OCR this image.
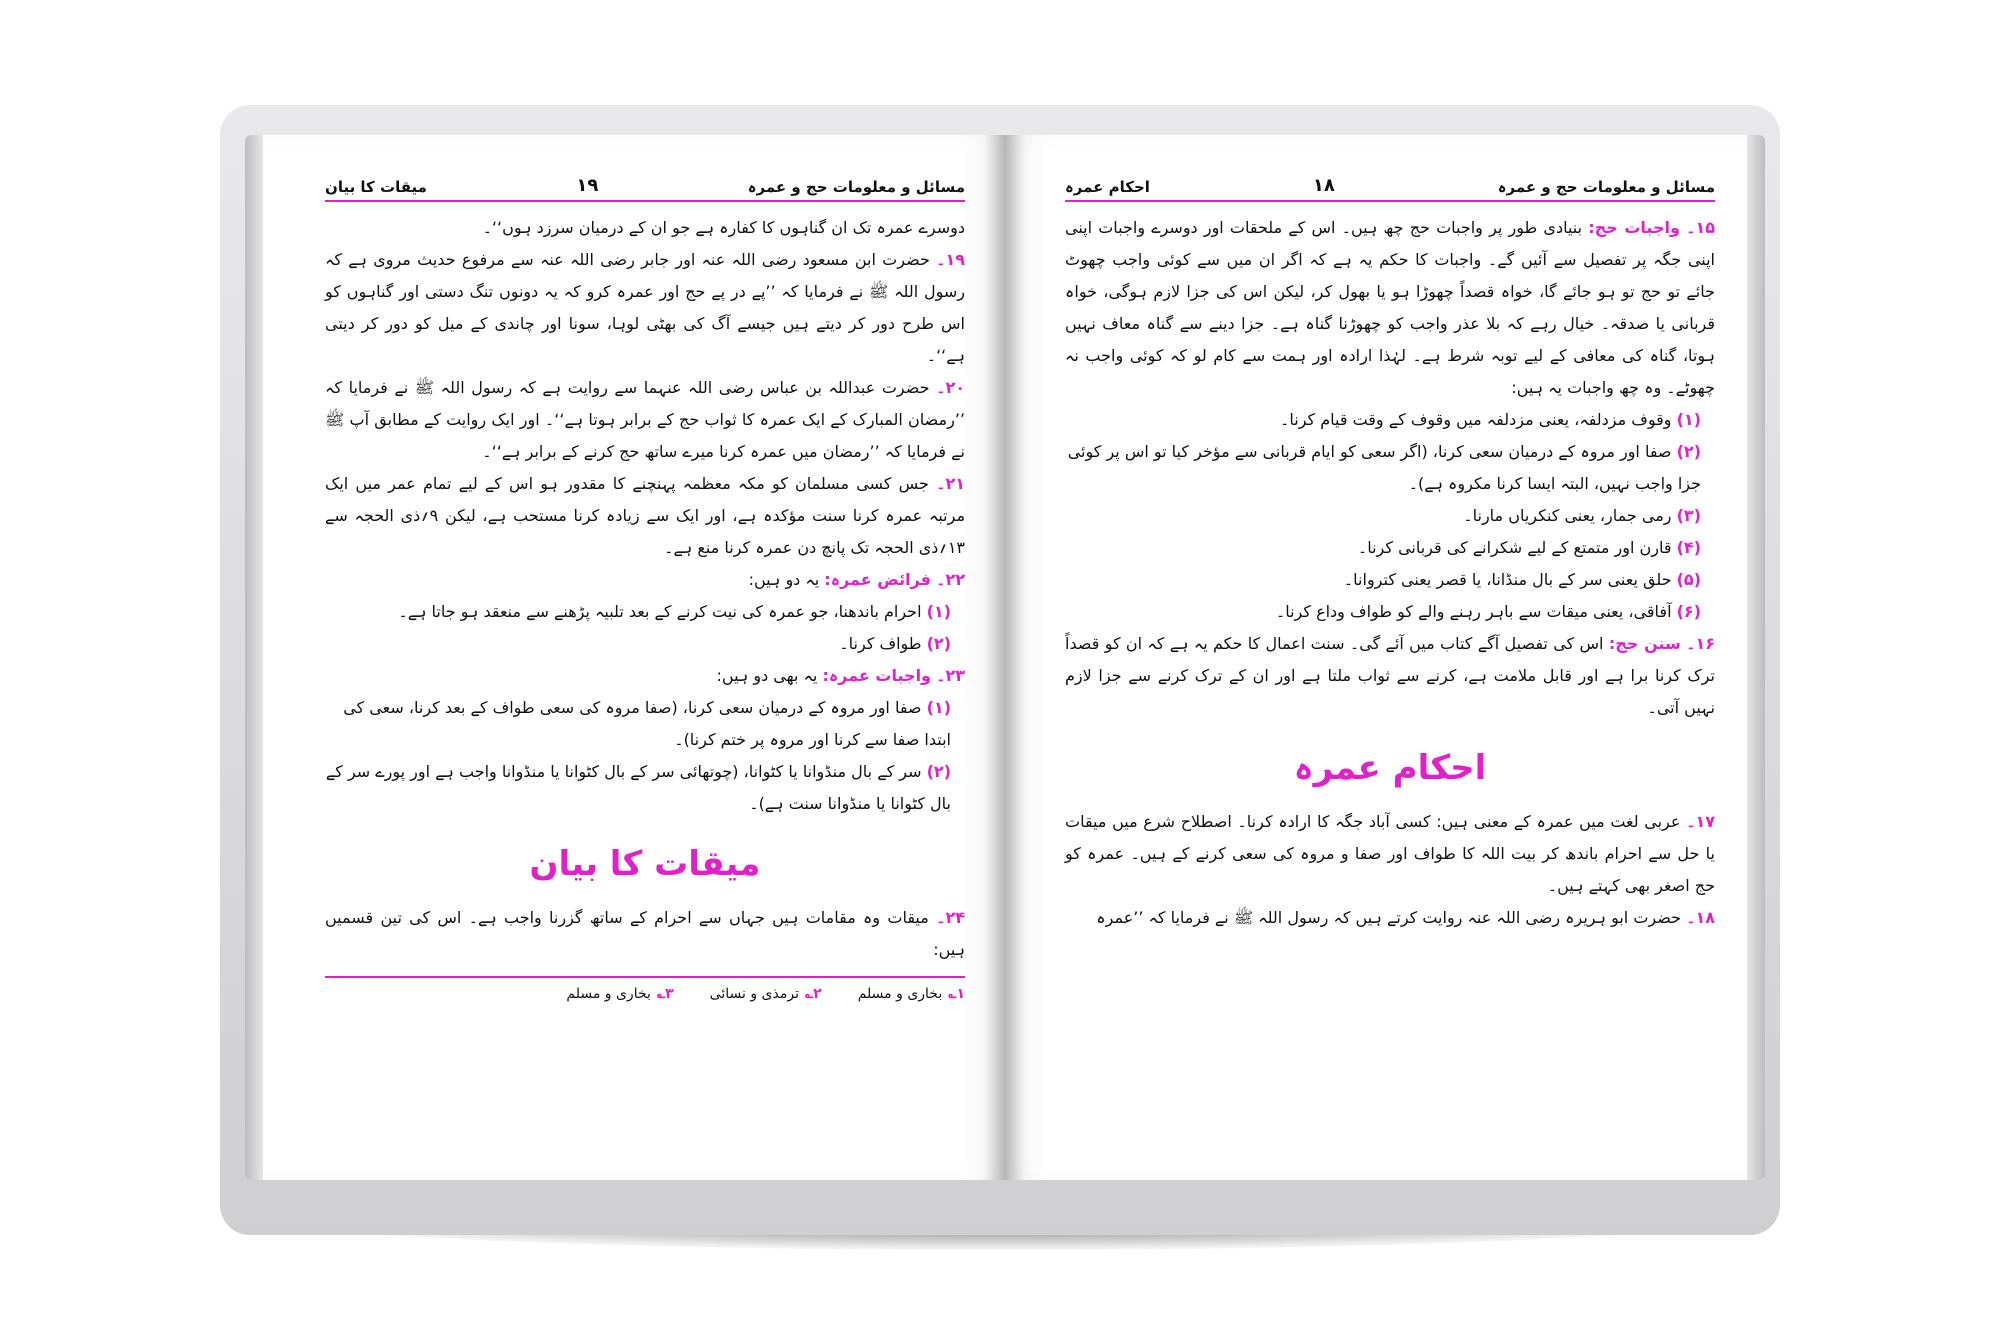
مسائل و معلومات حج و عمرہ
۱۹
میقات کا بیان

دوسرے عمرہ تک ان گناہوں کا کفارہ ہے جو ان کے درمیان سرزد ہوں‘‘۔

۱۹۔ حضرت ابن مسعود رضی اللہ عنہ اور جابر رضی اللہ عنہ سے مرفوع حدیث مروی ہے کہ رسول اللہ ﷺ نے فرمایا کہ ’’پے در پے حج اور عمرہ کرو کہ یہ دونوں تنگ دستی اور گناہوں کو اس طرح دور کر دیتے ہیں جیسے آگ کی بھٹی لوہا، سونا اور چاندی کے میل کو دور کر دیتی ہے‘‘۔

۲۰۔ حضرت عبداللہ بن عباس رضی اللہ عنہما سے روایت ہے کہ رسول اللہ ﷺ نے فرمایا کہ ’’رمضان المبارک کے ایک عمرہ کا ثواب حج کے برابر ہوتا ہے‘‘۔ اور ایک روایت کے مطابق آپ ﷺ نے فرمایا کہ ’’رمضان میں عمرہ کرنا میرے ساتھ حج کرنے کے برابر ہے‘‘۔

۲۱۔ جس کسی مسلمان کو مکہ معظمہ پہنچنے کا مقدور ہو اس کے لیے تمام عمر میں ایک مرتبہ عمرہ کرنا سنت مؤکدہ ہے، اور ایک سے زیادہ کرنا مستحب ہے، لیکن ۹؍ذی الحجہ سے ۱۳؍ذی الحجہ تک پانچ دن عمرہ کرنا منع ہے۔

۲۲۔ فرائض عمرہ: یہ دو ہیں:

(۱) احرام باندھنا، جو عمرہ کی نیت کرنے کے بعد تلبیہ پڑھنے سے منعقد ہو جاتا ہے۔

(۲) طواف کرنا۔

۲۳۔ واجبات عمرہ: یہ بھی دو ہیں:

(۱) صفا اور مروہ کے درمیان سعی کرنا، (صفا مروہ کی سعی طواف کے بعد کرنا، سعی کی ابتدا صفا سے کرنا اور مروہ پر ختم کرنا)۔

(۲) سر کے بال منڈوانا یا کٹوانا، (چوتھائی سر کے بال کٹوانا یا منڈوانا واجب ہے اور پورے سر کے بال کٹوانا یا منڈوانا سنت ہے)۔

میقات کا بیان

۲۴۔ میقات وہ مقامات ہیں جہاں سے احرام کے ساتھ گزرنا واجب ہے۔ اس کی تین قسمیں ہیں:

۱؎بخاری و مسلم
۲؎ترمذی و نسائی
۳؎بخاری و مسلم
مسائل و معلومات حج و عمرہ
۱۸
احکام عمرہ

۱۵۔ واجبات حج: بنیادی طور پر واجبات حج چھ ہیں۔ اس کے ملحقات اور دوسرے واجبات اپنی اپنی جگہ پر تفصیل سے آئیں گے۔ واجبات کا حکم یہ ہے کہ اگر ان میں سے کوئی واجب چھوٹ جائے تو حج تو ہو جائے گا، خواہ قصداً چھوڑا ہو یا بھول کر، لیکن اس کی جزا لازم ہوگی، خواہ قربانی یا صدقہ۔ خیال رہے کہ بلا عذر واجب کو چھوڑنا گناہ ہے۔ جزا دینے سے گناہ معاف نہیں ہوتا، گناہ کی معافی کے لیے توبہ شرط ہے۔ لہٰذا ارادہ اور ہمت سے کام لو کہ کوئی واجب نہ چھوٹے۔ وہ چھ واجبات یہ ہیں:

(۱) وقوف مزدلفہ، یعنی مزدلفہ میں وقوف کے وقت قیام کرنا۔

(۲) صفا اور مروہ کے درمیان سعی کرنا، (اگر سعی کو ایام قربانی سے مؤخر کیا تو اس پر کوئی جزا واجب نہیں، البتہ ایسا کرنا مکروہ ہے)۔

(۳) رمی جمار، یعنی کنکریاں مارنا۔

(۴) قارن اور متمتع کے لیے شکرانے کی قربانی کرنا۔

(۵) حلق یعنی سر کے بال منڈانا، یا قصر یعنی کتروانا۔

(۶) آفاقی، یعنی میقات سے باہر رہنے والے کو طواف وداع کرنا۔

۱۶۔ سنن حج: اس کی تفصیل آگے کتاب میں آئے گی۔ سنت اعمال کا حکم یہ ہے کہ ان کو قصداً ترک کرنا برا ہے اور قابل ملامت ہے، کرنے سے ثواب ملتا ہے اور ان کے ترک کرنے سے جزا لازم نہیں آتی۔

احکام عمرہ

۱۷۔ عربی لغت میں عمرہ کے معنی ہیں: کسی آباد جگہ کا ارادہ کرنا۔ اصطلاح شرع میں میقات یا حل سے احرام باندھ کر بیت اللہ کا طواف اور صفا و مروہ کی سعی کرنے کے ہیں۔ عمرہ کو حج اصغر بھی کہتے ہیں۔

۱۸۔ حضرت ابو ہریرہ رضی اللہ عنہ روایت کرتے ہیں کہ رسول اللہ ﷺ نے فرمایا کہ ’’عمرہ
